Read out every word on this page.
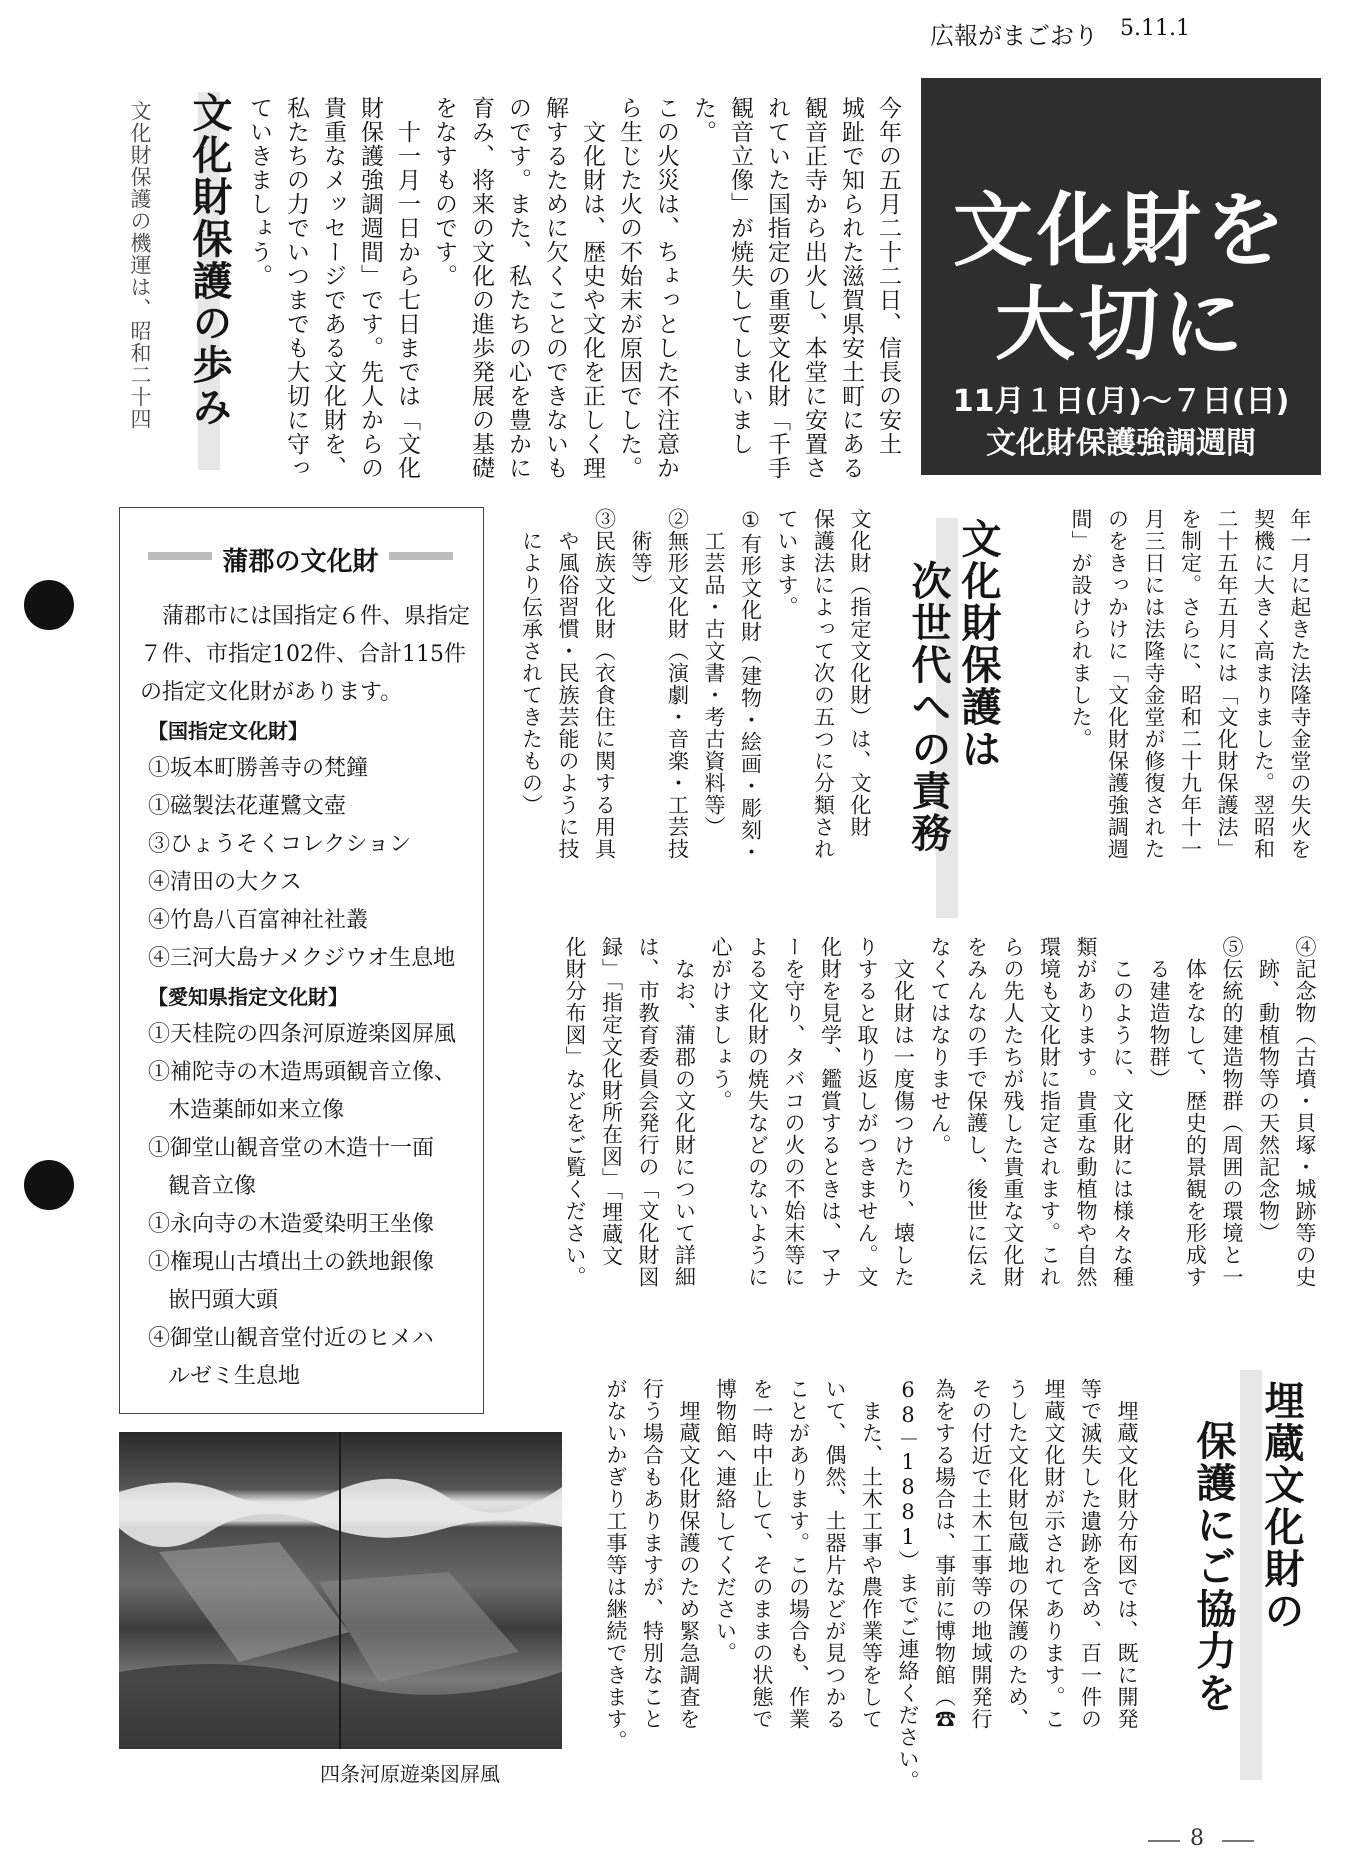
広報がまごおり 5.11.1
文化財を
大切に
11月１日(月)～７日(日)
文化財保護強調週間
今年の五月二十二日、信長の安土
城趾で知られた滋賀県安土町にある
観音正寺から出火し、本堂に安置さ
れていた国指定の重要文化財「千手
観音立像」が焼失してしまいました。
この火災は、ちょっとした不注意か
ら生じた火の不始末が原因でした。
　文化財は、歴史や文化を正しく理
解するために欠くことのできないも
のです。また、私たちの心を豊かに
育み、将来の文化の進歩発展の基礎
をなすものです。
　十一月一日から七日までは「文化
財保護強調週間」です。先人からの
貴重なメッセージである文化財を、
私たちの力でいつまでも大切に守っ
ていきましょう。
文化財保護の歩み
文化財保護の機運は、昭和二十四
年一月に起きた法隆寺金堂の失火を
契機に大きく高まりました。翌昭和
二十五年五月には「文化財保護法」
を制定。さらに、昭和二十九年十一
月三日には法隆寺金堂が修復された
のをきっかけに「文化財保護強調週
間」が設けられました。
文化財保護は
次世代への責務
文化財（指定文化財）は、文化財
保護法によって次の五つに分類され
ています。
①有形文化財（建物・絵画・彫刻・
　工芸品・古文書・考古資料等）
②無形文化財（演劇・音楽・工芸技
　術等）
③民族文化財（衣食住に関する用具
　や風俗習慣・民族芸能のように技
　により伝承されてきたもの）
④記念物（古墳・貝塚・城跡等の史
　跡、動植物等の天然記念物）
⑤伝統的建造物群（周囲の環境と一
　体をなして、歴史的景観を形成す
　る建造物群）
　このように、文化財には様々な種
類があります。貴重な動植物や自然
環境も文化財に指定されます。これ
らの先人たちが残した貴重な文化財
をみんなの手で保護し、後世に伝え
なくてはなりません。
　文化財は一度傷つけたり、壊した
りすると取り返しがつきません。文
化財を見学、鑑賞するときは、マナ
ーを守り、タバコの火の不始末等に
よる文化財の焼失などのないように
心がけましょう。
　なお、蒲郡の文化財について詳細
は、市教育委員会発行の「文化財図
録」「指定文化財所在図」「埋蔵文
化財分布図」などをご覧ください。
埋蔵文化財の
保護にご協力を
　埋蔵文化財分布図では、既に開発
等で滅失した遺跡を含め、百一件の
埋蔵文化財が示されてあります。こ
うした文化財包蔵地の保護のため、
その付近で土木工事等の地域開発行
為をする場合は、事前に博物館（☎
68－1881）までご連絡ください。
　また、土木工事や農作業等をして
いて、偶然、土器片などが見つかる
ことがあります。この場合も、作業
を一時中止して、そのままの状態で
博物館へ連絡してください。
　埋蔵文化財保護のため緊急調査を
行う場合もありますが、特別なこと
がないかぎり工事等は継続できます。
蒲郡の文化財
蒲郡市には国指定６件、県指定７件、市指定102件、合計115件の指定文化財があります。
【国指定文化財】
①坂本町勝善寺の梵鐘
①磁製法花蓮鷺文壺
③ひょうそくコレクション
④清田の大クス
④竹島八百富神社社叢
④三河大島ナメクジウオ生息地
【愛知県指定文化財】
①天桂院の四条河原遊楽図屏風
①補陀寺の木造馬頭観音立像、
木造薬師如来立像
①御堂山観音堂の木造十一面
観音立像
①永向寺の木造愛染明王坐像
①権現山古墳出土の鉄地銀像
嵌円頭大頭
④御堂山観音堂付近のヒメハ
ルゼミ生息地
四条河原遊楽図屏風
8
